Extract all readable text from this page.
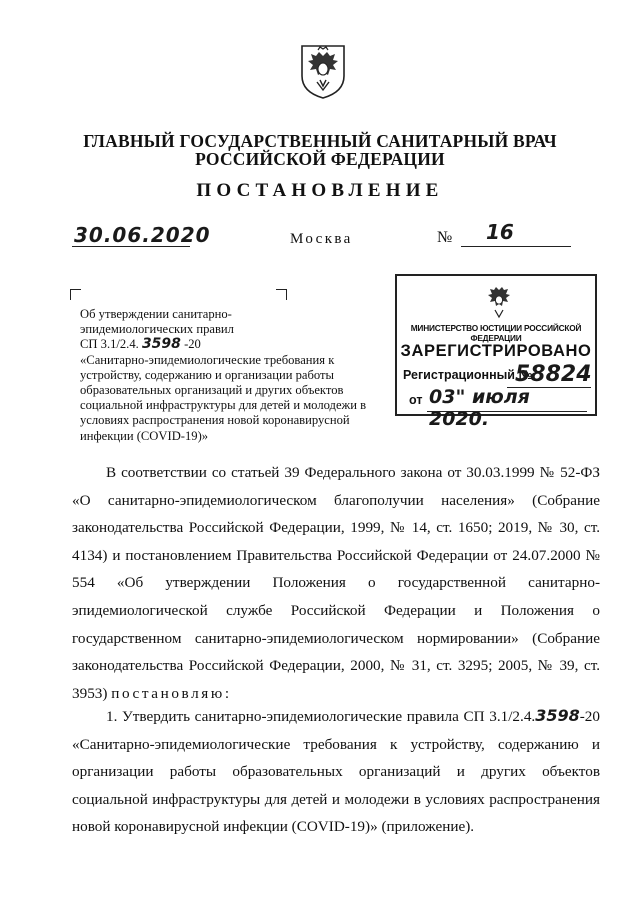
ГЛАВНЫЙ ГОСУДАРСТВЕННЫЙ САНИТАРНЫЙ ВРАЧ
РОССИЙСКОЙ ФЕДЕРАЦИИ
ПОСТАНОВЛЕНИЕ
30.06.2020	Москва	№ 16
Об утверждении санитарно-
эпидемиологических правил
СП 3.1/2.4. 3598 -20
«Санитарно-эпидемиологические требования к устройству, содержанию и организации работы образовательных организаций и других объектов социальной инфраструктуры для детей и молодежи в условиях распространения новой коронавирусной инфекции (COVID-19)»
МИНИСТЕРСТВО ЮСТИЦИИ РОССИЙСКОЙ ФЕДЕРАЦИИ
ЗАРЕГИСТРИРОВАНО
Регистрационный №
58824
от 03" июля 2020.
В соответствии со статьей 39 Федерального закона от 30.03.1999 № 52-ФЗ «О санитарно-эпидемиологическом благополучии населения» (Собрание законодательства Российской Федерации, 1999, № 14, ст. 1650; 2019, № 30, ст. 4134) и постановлением Правительства Российской Федерации от 24.07.2000 № 554 «Об утверждении Положения о государственной санитарно-эпидемиологической службе Российской Федерации и Положения о государственном санитарно-эпидемиологическом нормировании» (Собрание законодательства Российской Федерации, 2000, № 31, ст. 3295; 2005, № 39, ст. 3953) постановляю:
1. Утвердить санитарно-эпидемиологические правила СП 3.1/2.4.3598-20 «Санитарно-эпидемиологические требования к устройству, содержанию и организации работы образовательных организаций и других объектов социальной инфраструктуры для детей и молодежи в условиях распространения новой коронавирусной инфекции (COVID-19)» (приложение).
